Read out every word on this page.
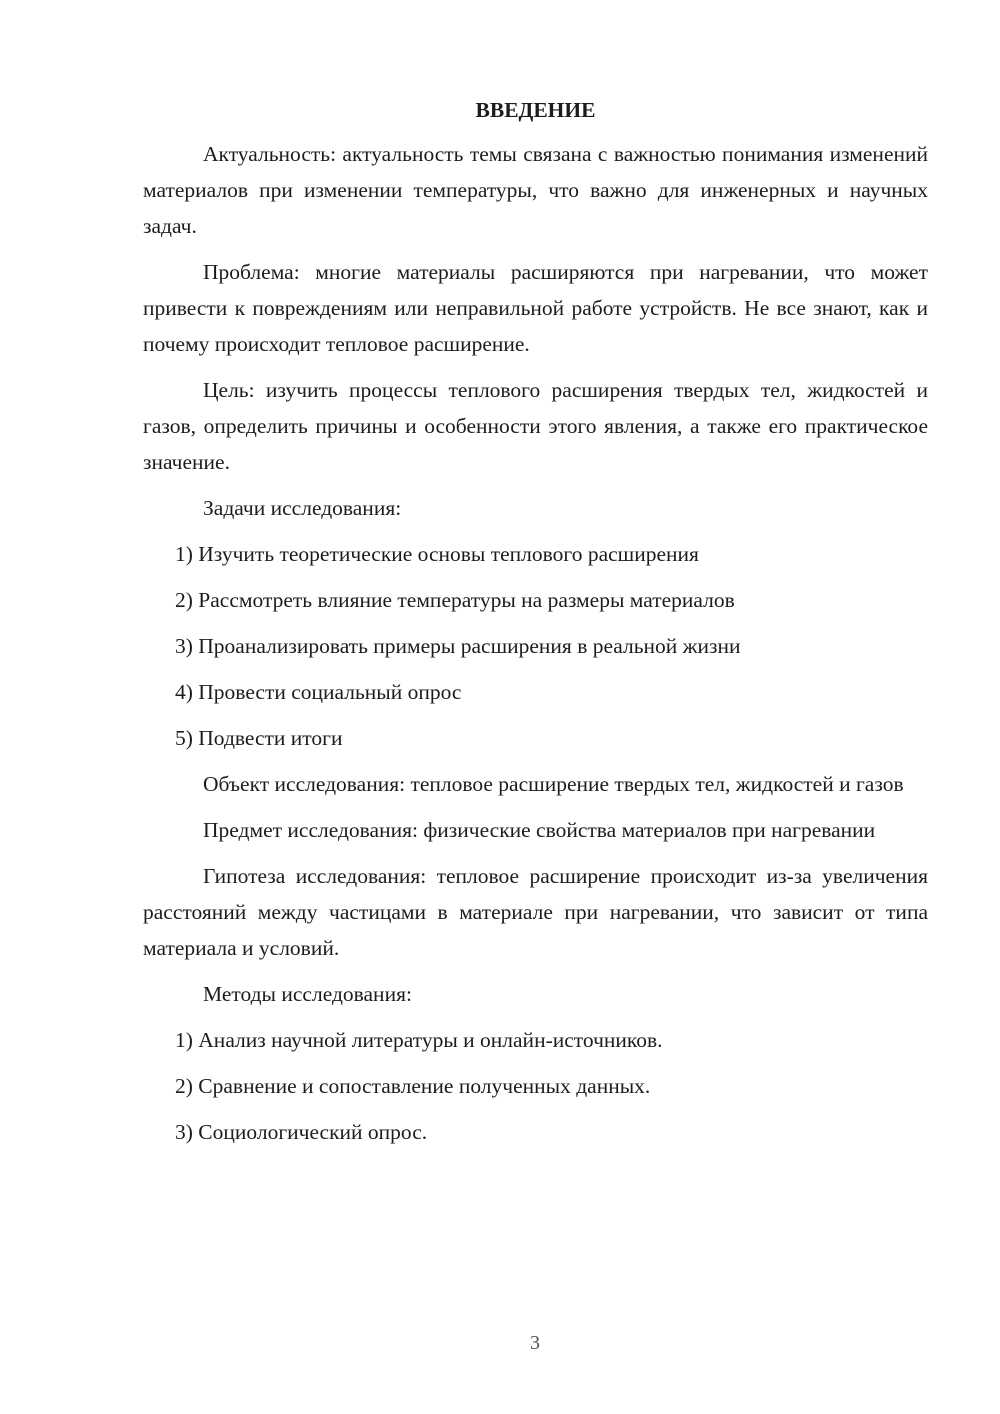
ВВЕДЕНИЕ

Актуальность: актуальность темы связана с важностью понимания изменений материалов при изменении температуры, что важно для инженерных и научных задач.

Проблема: многие материалы расширяются при нагревании, что может привести к повреждениям или неправильной работе устройств. Не все знают, как и почему происходит тепловое расширение.

Цель: изучить процессы теплового расширения твердых тел, жидкостей и газов, определить причины и особенности этого явления, а также его практическое значение.

Задачи исследования:

1) Изучить теоретические основы теплового расширения

2) Рассмотреть влияние температуры на размеры материалов

3) Проанализировать примеры расширения в реальной жизни

4) Провести социальный опрос

5) Подвести итоги

Объект исследования: тепловое расширение твердых тел, жидкостей и газов

Предмет исследования: физические свойства материалов при нагревании

Гипотеза исследования: тепловое расширение происходит из-за увеличения расстояний между частицами в материале при нагревании, что зависит от типа материала и условий.

Методы исследования:

1) Анализ научной литературы и онлайн-источников.

2) Сравнение и сопоставление полученных данных.

3) Социологический опрос.

3
